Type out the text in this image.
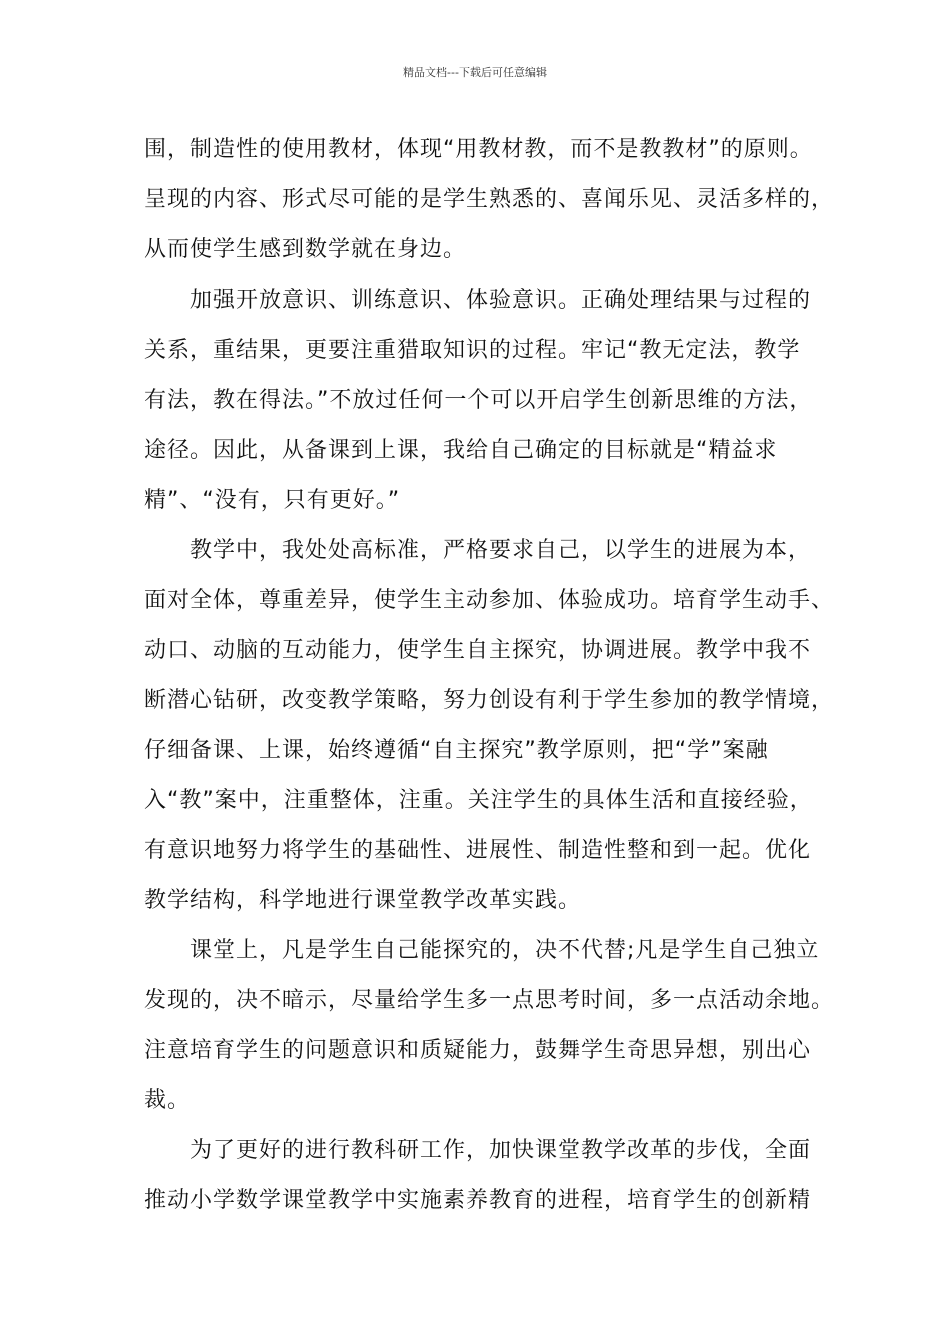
精品文档---下载后可任意编辑
围，制造性的使用教材，体现“用教材教，而不是教教材”的原则。
呈现的内容、形式尽可能的是学生熟悉的、喜闻乐见、灵活多样的，
从而使学生感到数学就在身边。
加强开放意识、训练意识、体验意识。正确处理结果与过程的
关系，重结果，更要注重猎取知识的过程。牢记“教无定法，教学
有法，教在得法。”不放过任何一个可以开启学生创新思维的方法，
途径。因此，从备课到上课，我给自己确定的目标就是“精益求
精”、“没有，只有更好。”
教学中，我处处高标准，严格要求自己，以学生的进展为本，
面对全体，尊重差异，使学生主动参加、体验成功。培育学生动手、
动口、动脑的互动能力，使学生自主探究，协调进展。教学中我不
断潜心钻研，改变教学策略，努力创设有利于学生参加的教学情境，
仔细备课、上课，始终遵循“自主探究”教学原则，把“学”案融
入“教”案中，注重整体，注重。关注学生的具体生活和直接经验，
有意识地努力将学生的基础性、进展性、制造性整和到一起。优化
教学结构，科学地进行课堂教学改革实践。
课堂上，凡是学生自己能探究的，决不代替;凡是学生自己独立
发现的，决不暗示，尽量给学生多一点思考时间，多一点活动余地。
注意培育学生的问题意识和质疑能力，鼓舞学生奇思异想，别出心
裁。
为了更好的进行教科研工作，加快课堂教学改革的步伐，全面
推动小学数学课堂教学中实施素养教育的进程，培育学生的创新精
